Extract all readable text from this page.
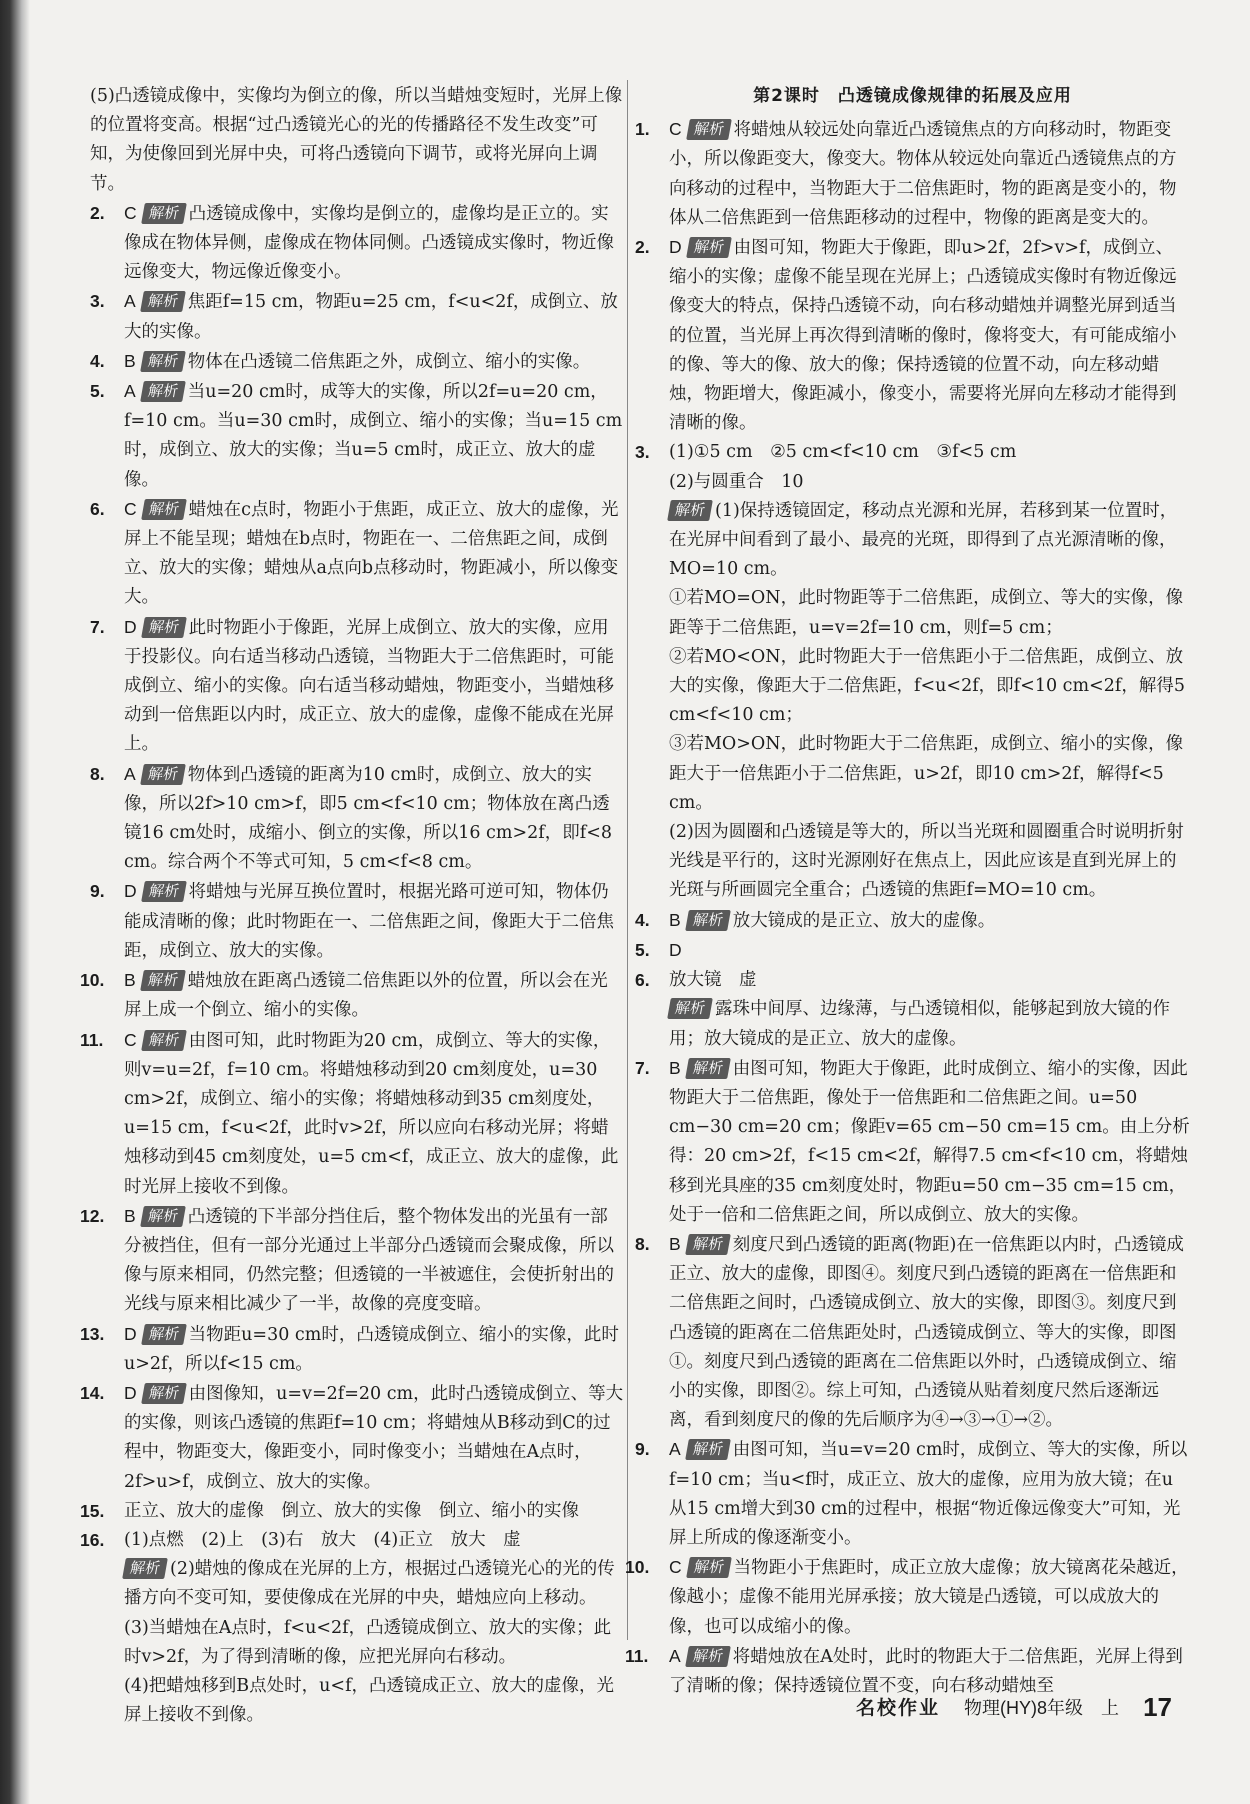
(5)凸透镜成像中，实像均为倒立的像，所以当蜡烛变短时，光屏上像的位置将变高。根据“过凸透镜光心的光的传播路径不发生改变”可知，为使像回到光屏中央，可将凸透镜向下调节，或将光屏向上调节。

2. C 解析 凸透镜成像中，实像均是倒立的，虚像均是正立的。实像成在物体异侧，虚像成在物体同侧。凸透镜成实像时，物近像远像变大，物远像近像变小。

3. A 解析 焦距f=15 cm，物距u=25 cm，f<u<2f，成倒立、放大的实像。

4. B 解析 物体在凸透镜二倍焦距之外，成倒立、缩小的实像。

5. A 解析 当u=20 cm时，成等大的实像，所以2f=u=20 cm，f=10 cm。当u=30 cm时，成倒立、缩小的实像；当u=15 cm时，成倒立、放大的实像；当u=5 cm时，成正立、放大的虚像。

6. C 解析 蜡烛在c点时，物距小于焦距，成正立、放大的虚像，光屏上不能呈现；蜡烛在b点时，物距在一、二倍焦距之间，成倒立、放大的实像；蜡烛从a点向b点移动时，物距减小，所以像变大。

7. D 解析 此时物距小于像距，光屏上成倒立、放大的实像，应用于投影仪。向右适当移动凸透镜，当物距大于二倍焦距时，可能成倒立、缩小的实像。向右适当移动蜡烛，物距变小，当蜡烛移动到一倍焦距以内时，成正立、放大的虚像，虚像不能成在光屏上。

8. A 解析 物体到凸透镜的距离为10 cm时，成倒立、放大的实像，所以2f>10 cm>f，即5 cm<f<10 cm；物体放在离凸透镜16 cm处时，成缩小、倒立的实像，所以16 cm>2f，即f<8 cm。综合两个不等式可知，5 cm<f<8 cm。

9. D 解析 将蜡烛与光屏互换位置时，根据光路可逆可知，物体仍能成清晰的像；此时物距在一、二倍焦距之间，像距大于二倍焦距，成倒立、放大的实像。

10. B 解析 蜡烛放在距离凸透镜二倍焦距以外的位置，所以会在光屏上成一个倒立、缩小的实像。

11. C 解析 由图可知，此时物距为20 cm，成倒立、等大的实像，则v=u=2f，f=10 cm。将蜡烛移动到20 cm刻度处，u=30 cm>2f，成倒立、缩小的实像；将蜡烛移动到35 cm刻度处，u=15 cm，f<u<2f，此时v>2f，所以应向右移动光屏；将蜡烛移动到45 cm刻度处，u=5 cm<f，成正立、放大的虚像，此时光屏上接收不到像。

12. B 解析 凸透镜的下半部分挡住后，整个物体发出的光虽有一部分被挡住，但有一部分光通过上半部分凸透镜而会聚成像，所以像与原来相同，仍然完整；但透镜的一半被遮住，会使折射出的光线与原来相比减少了一半，故像的亮度变暗。

13. D 解析 当物距u=30 cm时，凸透镜成倒立、缩小的实像，此时u>2f，所以f<15 cm。

14. D 解析 由图像知，u=v=2f=20 cm，此时凸透镜成倒立、等大的实像，则该凸透镜的焦距f=10 cm；将蜡烛从B移动到C的过程中，物距变大，像距变小，同时像变小；当蜡烛在A点时，2f>u>f，成倒立、放大的实像。

15. 正立、放大的虚像　倒立、放大的实像　倒立、缩小的实像

16. (1)点燃　(2)上　(3)右　放大　(4)正立　放大　虚

解析 (2)蜡烛的像成在光屏的上方，根据过凸透镜光心的光的传播方向不变可知，要使像成在光屏的中央，蜡烛应向上移动。

(3)当蜡烛在A点时，f<u<2f，凸透镜成倒立、放大的实像；此时v>2f，为了得到清晰的像，应把光屏向右移动。

(4)把蜡烛移到B点处时，u<f，凸透镜成正立、放大的虚像，光屏上接收不到像。

第2课时　凸透镜成像规律的拓展及应用

1. C 解析 将蜡烛从较远处向靠近凸透镜焦点的方向移动时，物距变小，所以像距变大，像变大。物体从较远处向靠近凸透镜焦点的方向移动的过程中，当物距大于二倍焦距时，物的距离是变小的，物体从二倍焦距到一倍焦距移动的过程中，物像的距离是变大的。

2. D 解析 由图可知，物距大于像距，即u>2f，2f>v>f，成倒立、缩小的实像；虚像不能呈现在光屏上；凸透镜成实像时有物近像远像变大的特点，保持凸透镜不动，向右移动蜡烛并调整光屏到适当的位置，当光屏上再次得到清晰的像时，像将变大，有可能成缩小的像、等大的像、放大的像；保持透镜的位置不动，向左移动蜡烛，物距增大，像距减小，像变小，需要将光屏向左移动才能得到清晰的像。

3. (1)①5 cm　②5 cm<f<10 cm　③f<5 cm

(2)与圆重合　10

解析 (1)保持透镜固定，移动点光源和光屏，若移到某一位置时，在光屏中间看到了最小、最亮的光斑，即得到了点光源清晰的像，MO=10 cm。

①若MO=ON，此时物距等于二倍焦距，成倒立、等大的实像，像距等于二倍焦距，u=v=2f=10 cm，则f=5 cm；

②若MO<ON，此时物距大于一倍焦距小于二倍焦距，成倒立、放大的实像，像距大于二倍焦距，f<u<2f，即f<10 cm<2f，解得5 cm<f<10 cm；

③若MO>ON，此时物距大于二倍焦距，成倒立、缩小的实像，像距大于一倍焦距小于二倍焦距，u>2f，即10 cm>2f，解得f<5 cm。

(2)因为圆圈和凸透镜是等大的，所以当光斑和圆圈重合时说明折射光线是平行的，这时光源刚好在焦点上，因此应该是直到光屏上的光斑与所画圆完全重合；凸透镜的焦距f=MO=10 cm。

4. B 解析 放大镜成的是正立、放大的虚像。

5. D

6. 放大镜　虚

解析 露珠中间厚、边缘薄，与凸透镜相似，能够起到放大镜的作用；放大镜成的是正立、放大的虚像。

7. B 解析 由图可知，物距大于像距，此时成倒立、缩小的实像，因此物距大于二倍焦距，像处于一倍焦距和二倍焦距之间。u=50 cm−30 cm=20 cm；像距v=65 cm−50 cm=15 cm。由上分析得：20 cm>2f，f<15 cm<2f，解得7.5 cm<f<10 cm，将蜡烛移到光具座的35 cm刻度处时，物距u=50 cm−35 cm=15 cm，处于一倍和二倍焦距之间，所以成倒立、放大的实像。

8. B 解析 刻度尺到凸透镜的距离(物距)在一倍焦距以内时，凸透镜成正立、放大的虚像，即图④。刻度尺到凸透镜的距离在一倍焦距和二倍焦距之间时，凸透镜成倒立、放大的实像，即图③。刻度尺到凸透镜的距离在二倍焦距处时，凸透镜成倒立、等大的实像，即图①。刻度尺到凸透镜的距离在二倍焦距以外时，凸透镜成倒立、缩小的实像，即图②。综上可知，凸透镜从贴着刻度尺然后逐渐远离，看到刻度尺的像的先后顺序为④→③→①→②。

9. A 解析 由图可知，当u=v=20 cm时，成倒立、等大的实像，所以f=10 cm；当u<f时，成正立、放大的虚像，应用为放大镜；在u从15 cm增大到30 cm的过程中，根据“物近像远像变大”可知，光屏上所成的像逐渐变小。

10. C 解析 当物距小于焦距时，成正立放大虚像；放大镜离花朵越近，像越小；虚像不能用光屏承接；放大镜是凸透镜，可以成放大的像，也可以成缩小的像。

11. A 解析 将蜡烛放在A处时，此时的物距大于二倍焦距，光屏上得到了清晰的像；保持透镜位置不变，向右移动蜡烛至

名校作业 物理(HY)8年级　上 17
